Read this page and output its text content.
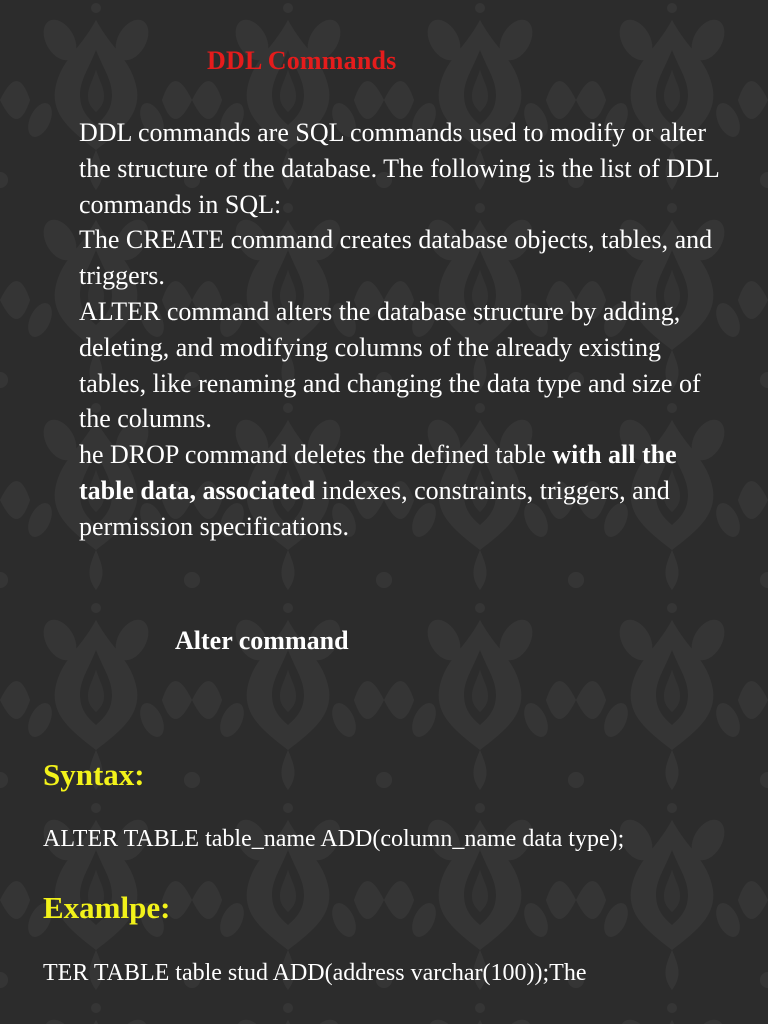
DDL Commands

DDL commands are SQL commands used to modify or alter the structure of the database. The following is the list of DDL commands in SQL:

The CREATE command creates database objects, tables, and triggers.

ALTER command alters the database structure by adding, deleting, and modifying columns of the already existing tables, like renaming and changing the data type and size of the columns.

he DROP command deletes the defined table with all the table data, associated indexes, constraints, triggers, and permission specifications.

Alter command
Syntax:
ALTER TABLE table_name ADD(column_name data type);
Examlpe:
TER TABLE table stud ADD(address varchar(100));The
